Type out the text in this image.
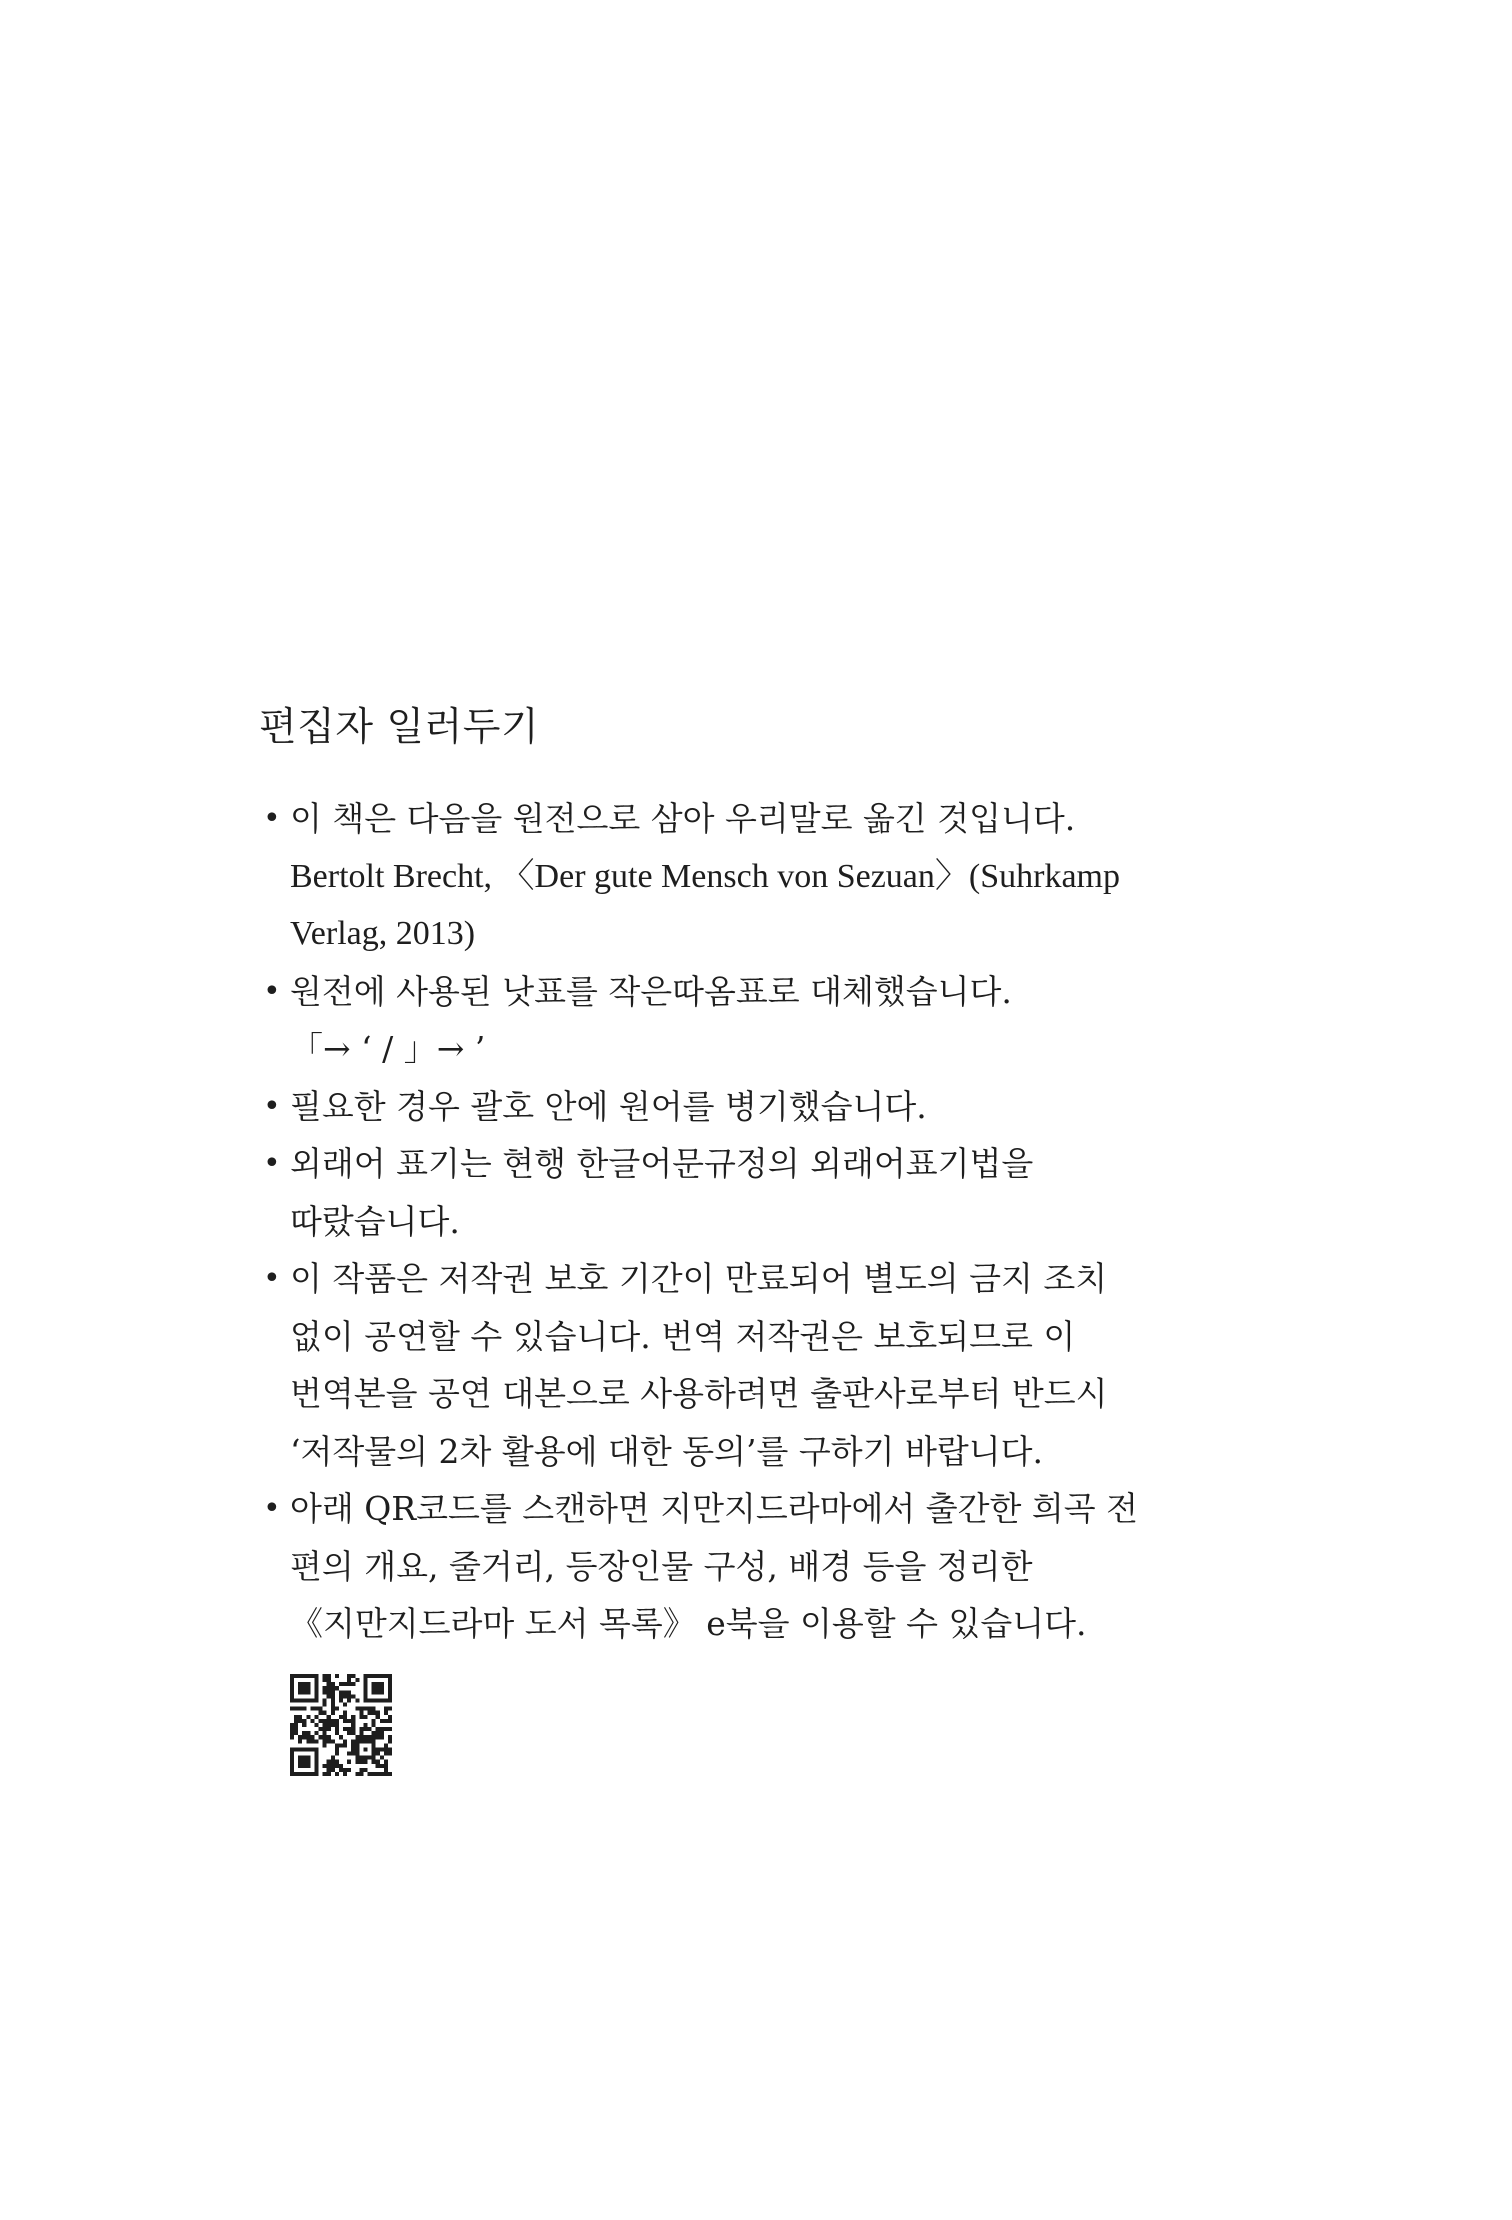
편집자 일러두기
• 이 책은 다음을 원전으로 삼아 우리말로 옮긴 것입니다.
Bertolt Brecht, 〈Der gute Mensch von Sezuan〉(Suhrkamp
Verlag, 2013)
• 원전에 사용된 낫표를 작은따옴표로 대체했습니다.
「→ ‘ / 」→ ’
• 필요한 경우 괄호 안에 원어를 병기했습니다.
• 외래어 표기는 현행 한글어문규정의 외래어표기법을
따랐습니다.
• 이 작품은 저작권 보호 기간이 만료되어 별도의 금지 조치
없이 공연할 수 있습니다. 번역 저작권은 보호되므로 이
번역본을 공연 대본으로 사용하려면 출판사로부터 반드시
‘저작물의 2차 활용에 대한 동의’를 구하기 바랍니다.
• 아래 QR코드를 스캔하면 지만지드라마에서 출간한 희곡 전
편의 개요, 줄거리, 등장인물 구성, 배경 등을 정리한
《지만지드라마 도서 목록》 e북을 이용할 수 있습니다.
